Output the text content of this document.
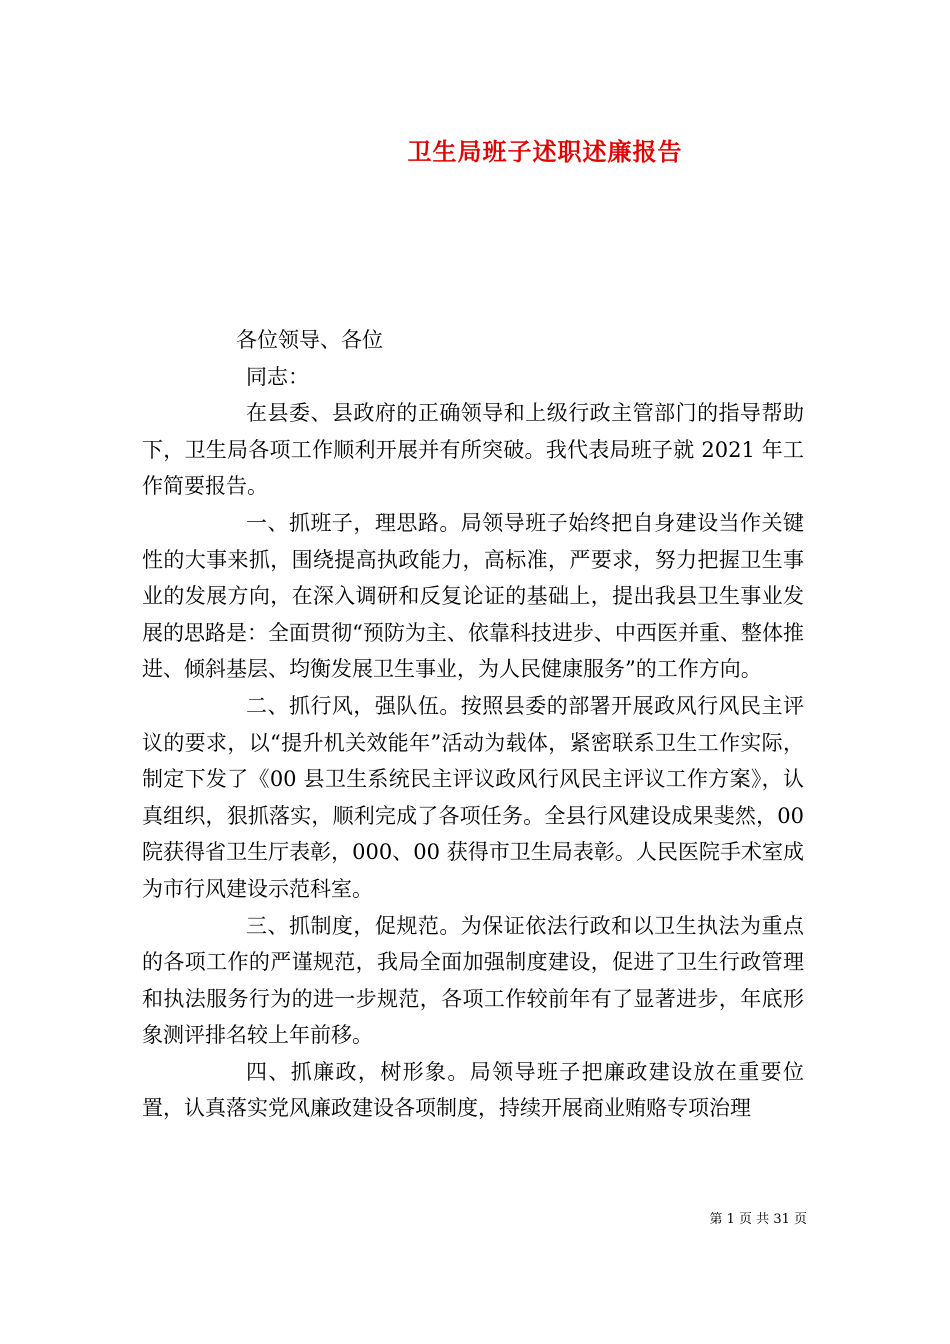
卫生局班子述职述廉报告

各位领导、各位

同志：

在县委、县政府的正确领导和上级行政主管部门的指导帮助下，卫生局各项工作顺利开展并有所突破。我代表局班子就 2021 年工作简要报告。

一、抓班子，理思路。局领导班子始终把自身建设当作关键性的大事来抓，围绕提高执政能力，高标准，严要求，努力把握卫生事业的发展方向，在深入调研和反复论证的基础上，提出我县卫生事业发展的思路是：全面贯彻“预防为主、依靠科技进步、中西医并重、整体推进、倾斜基层、均衡发展卫生事业，为人民健康服务”的工作方向。

二、抓行风，强队伍。按照县委的部署开展政风行风民主评议的要求，以“提升机关效能年”活动为载体，紧密联系卫生工作实际，制定下发了《00 县卫生系统民主评议政风行风民主评议工作方案》，认真组织，狠抓落实，顺利完成了各项任务。全县行风建设成果斐然，00 院获得省卫生厅表彰，000、00 获得市卫生局表彰。人民医院手术室成为市行风建设示范科室。

三、抓制度，促规范。为保证依法行政和以卫生执法为重点的各项工作的严谨规范，我局全面加强制度建设，促进了卫生行政管理和执法服务行为的进一步规范，各项工作较前年有了显著进步，年底形象测评排名较上年前移。

四、抓廉政，树形象。局领导班子把廉政建设放在重要位置，认真落实党风廉政建设各项制度，持续开展商业贿赂专项治理

第 1 页 共 31 页
